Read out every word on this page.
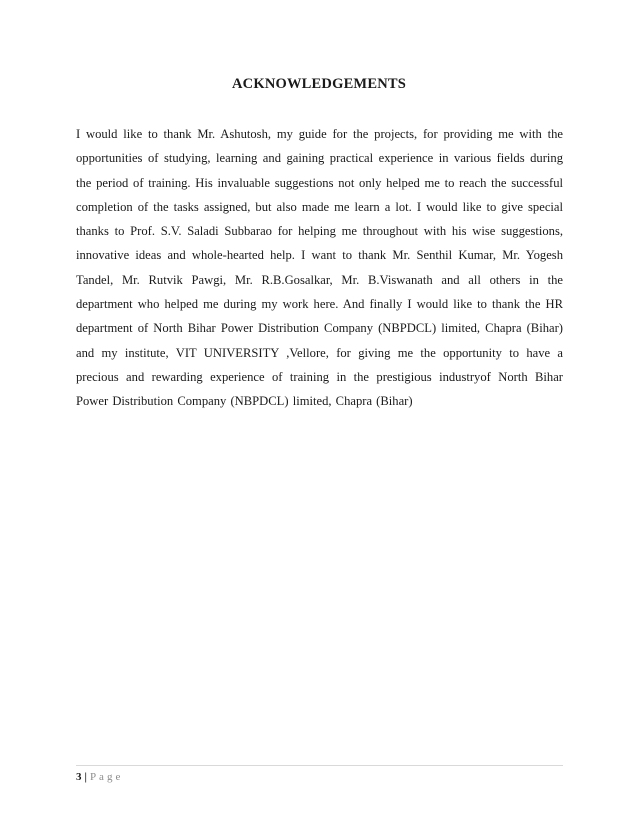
ACKNOWLEDGEMENTS

I would like to thank Mr. Ashutosh, my guide for the projects, for providing me with the opportunities of studying, learning and gaining practical experience in various fields during the period of training. His invaluable suggestions not only helped me to reach the successful completion of the tasks assigned, but also made me learn a lot. I would like to give special thanks to Prof. S.V. Saladi Subbarao for helping me throughout with his wise suggestions, innovative ideas and whole-hearted help. I want to thank Mr. Senthil Kumar, Mr. Yogesh Tandel, Mr. Rutvik Pawgi, Mr. R.B.Gosalkar, Mr. B.Viswanath and all others in the department who helped me during my work here. And finally I would like to thank the HR department of North Bihar Power Distribution Company (NBPDCL) limited, Chapra (Bihar) and my institute, VIT UNIVERSITY ,Vellore, for giving me the opportunity to have a precious and rewarding experience of training in the prestigious industryof North Bihar Power Distribution Company (NBPDCL) limited, Chapra (Bihar)

3 | Page
